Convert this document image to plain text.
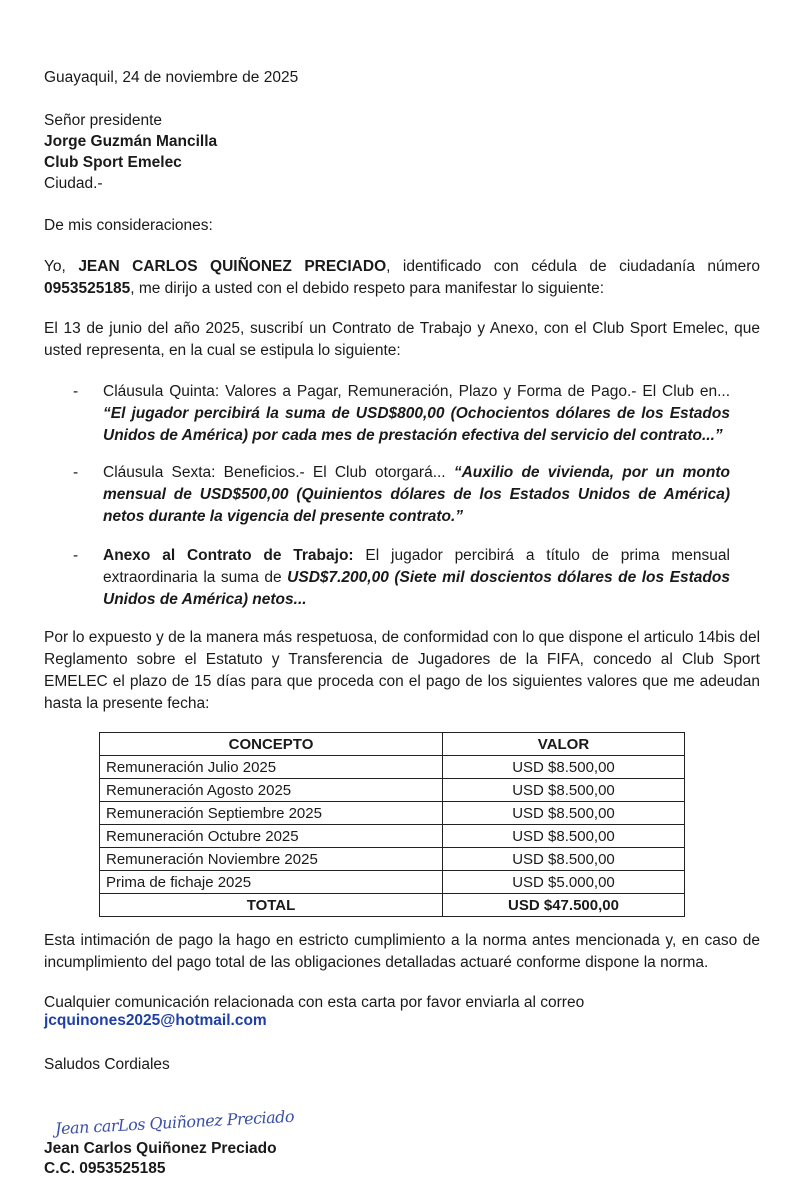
Guayaquil, 24 de noviembre de 2025
Señor presidente
Jorge Guzmán Mancilla
Club Sport Emelec
Ciudad.-
De mis consideraciones:
Yo, JEAN CARLOS QUIÑONEZ PRECIADO, identificado con cédula de ciudadanía número 0953525185, me dirijo a usted con el debido respeto para manifestar lo siguiente:
El 13 de junio del año 2025, suscribí un Contrato de Trabajo y Anexo, con el Club Sport Emelec, que usted representa, en la cual se estipula lo siguiente:
- Cláusula Quinta: Valores a Pagar, Remuneración, Plazo y Forma de Pago.- El Club en... “El jugador percibirá la suma de USD$800,00 (Ochocientos dólares de los Estados Unidos de América) por cada mes de prestación efectiva del servicio del contrato...”
- Cláusula Sexta: Beneficios.- El Club otorgará... “Auxilio de vivienda, por un monto mensual de USD$500,00 (Quinientos dólares de los Estados Unidos de América) netos durante la vigencia del presente contrato.”
- Anexo al Contrato de Trabajo: El jugador percibirá a título de prima mensual extraordinaria la suma de USD$7.200,00 (Siete mil doscientos dólares de los Estados Unidos de América) netos...
Por lo expuesto y de la manera más respetuosa, de conformidad con lo que dispone el articulo 14bis del Reglamento sobre el Estatuto y Transferencia de Jugadores de la FIFA, concedo al Club Sport EMELEC el plazo de 15 días para que proceda con el pago de los siguientes valores que me adeudan hasta la presente fecha:
CONCEPTO	VALOR
Remuneración Julio 2025	USD $8.500,00
Remuneración Agosto 2025	USD $8.500,00
Remuneración Septiembre 2025	USD $8.500,00
Remuneración Octubre 2025	USD $8.500,00
Remuneración Noviembre 2025	USD $8.500,00
Prima de fichaje 2025	USD $5.000,00
TOTAL	USD $47.500,00
Esta intimación de pago la hago en estricto cumplimiento a la norma antes mencionada y, en caso de incumplimiento del pago total de las obligaciones detalladas actuaré conforme dispone la norma.
Cualquier comunicación relacionada con esta carta por favor enviarla al correo
jcquinones2025@hotmail.com
Saludos Cordiales
Jean carLos Quiñonez Preciado
Jean Carlos Quiñonez Preciado
C.C. 0953525185
